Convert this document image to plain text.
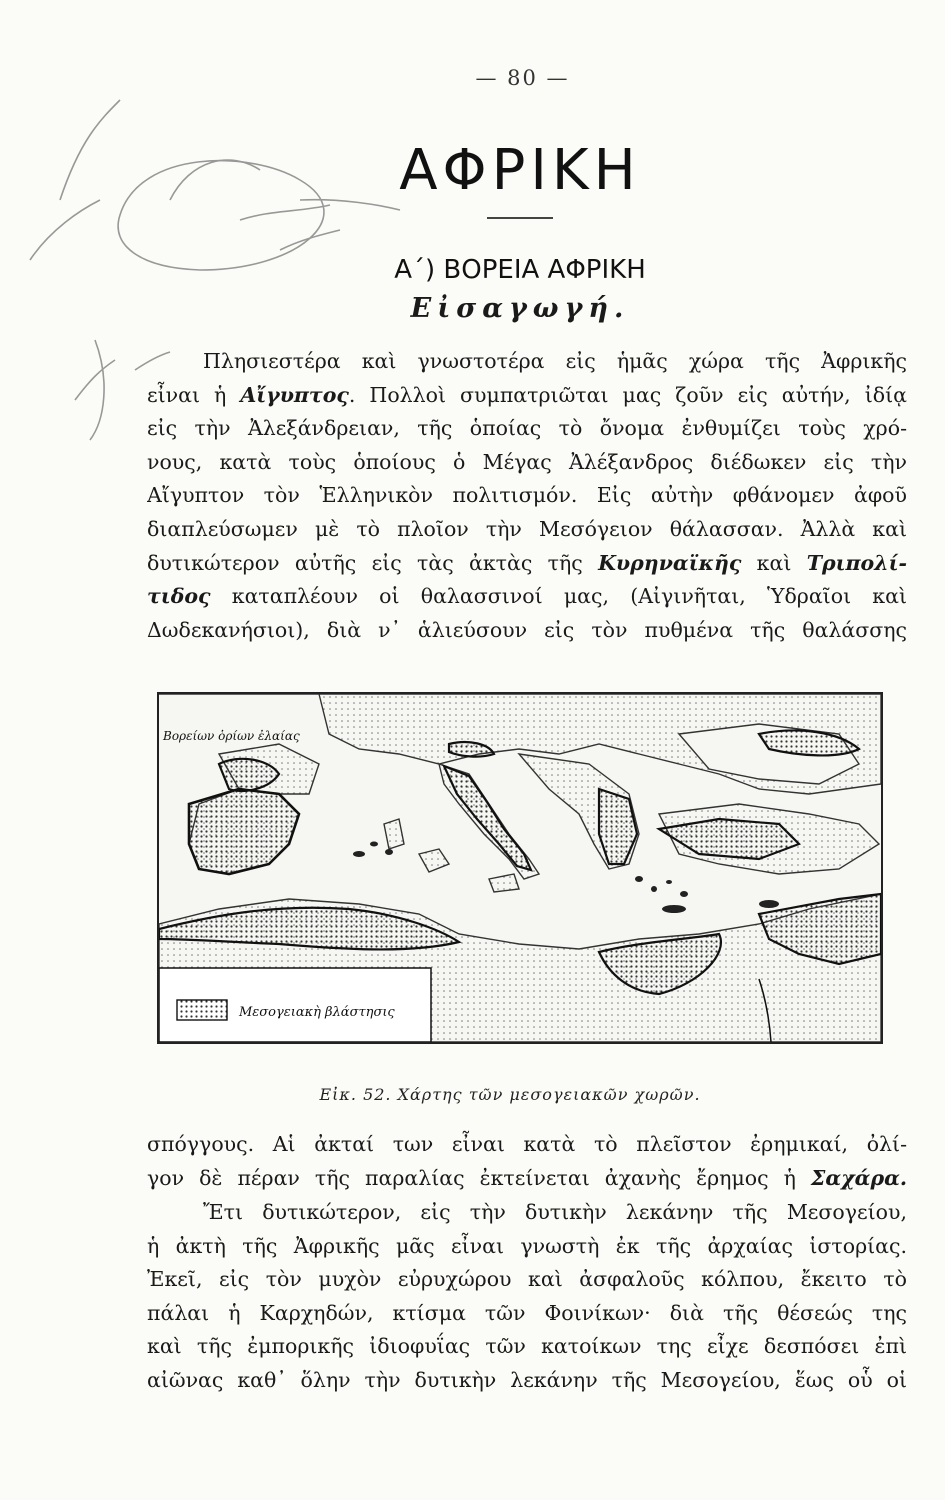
— 80 —
ΑΦΡΙΚΗ
Α΄) ΒΟΡΕΙΑ ΑΦΡΙΚΗ
Εἰσαγωγή.
Πλησιεστέρα καὶ γνωστοτέρα εἰς ἡμᾶς χώρα τῆς Ἀφρικῆς
εἶναι ἡ Αἴγυπτος. Πολλοὶ συμπατριῶται μας ζοῦν εἰς αὐτήν, ἰδίᾳ
εἰς τὴν Ἀλεξάνδρειαν, τῆς ὁποίας τὸ ὄνομα ἐνθυμίζει τοὺς χρό-
νους, κατὰ τοὺς ὁποίους ὁ Μέγας Ἀλέξανδρος διέδωκεν εἰς τὴν
Αἴγυπτον τὸν Ἑλληνικὸν πολιτισμόν. Εἰς αὐτὴν φθάνομεν ἀφοῦ
διαπλεύσωμεν μὲ τὸ πλοῖον τὴν Μεσόγειον θάλασσαν. Ἀλλὰ καὶ
δυτικώτερον αὐτῆς εἰς τὰς ἀκτὰς τῆς Κυρηναϊκῆς καὶ Τριπολί-
τιδος καταπλέουν οἱ θαλασσινοί μας, (Αἰγινῆται, Ὑδραῖοι καὶ
Δωδεκανήσιοι), διὰ ν᾽ ἁλιεύσουν εἰς τὸν πυθμένα τῆς θαλάσσης
Βορείων ὁρίων ἐλαίας
Μεσογειακὴ βλάστησις
Εἰκ. 52. Χάρτης τῶν μεσογειακῶν χωρῶν.
σπόγγους. Αἱ ἀκταί των εἶναι κατὰ τὸ πλεῖστον ἐρημικαί, ὀλί-
γον δὲ πέραν τῆς παραλίας ἐκτείνεται ἀχανὴς ἔρημος ἡ Σαχάρα.
Ἔτι δυτικώτερον, εἰς τὴν δυτικὴν λεκάνην τῆς Μεσογείου,
ἡ ἀκτὴ τῆς Ἀφρικῆς μᾶς εἶναι γνωστὴ ἐκ τῆς ἀρχαίας ἱστορίας.
Ἐκεῖ, εἰς τὸν μυχὸν εὐρυχώρου καὶ ἀσφαλοῦς κόλπου, ἔκειτο τὸ
πάλαι ἡ Καρχηδών, κτίσμα τῶν Φοινίκων· διὰ τῆς θέσεώς της
καὶ τῆς ἐμπορικῆς ἰδιοφυΐας τῶν κατοίκων της εἶχε δεσπόσει ἐπὶ
αἰῶνας καθ᾽ ὅλην τὴν δυτικὴν λεκάνην τῆς Μεσογείου, ἕως οὗ οἱ
